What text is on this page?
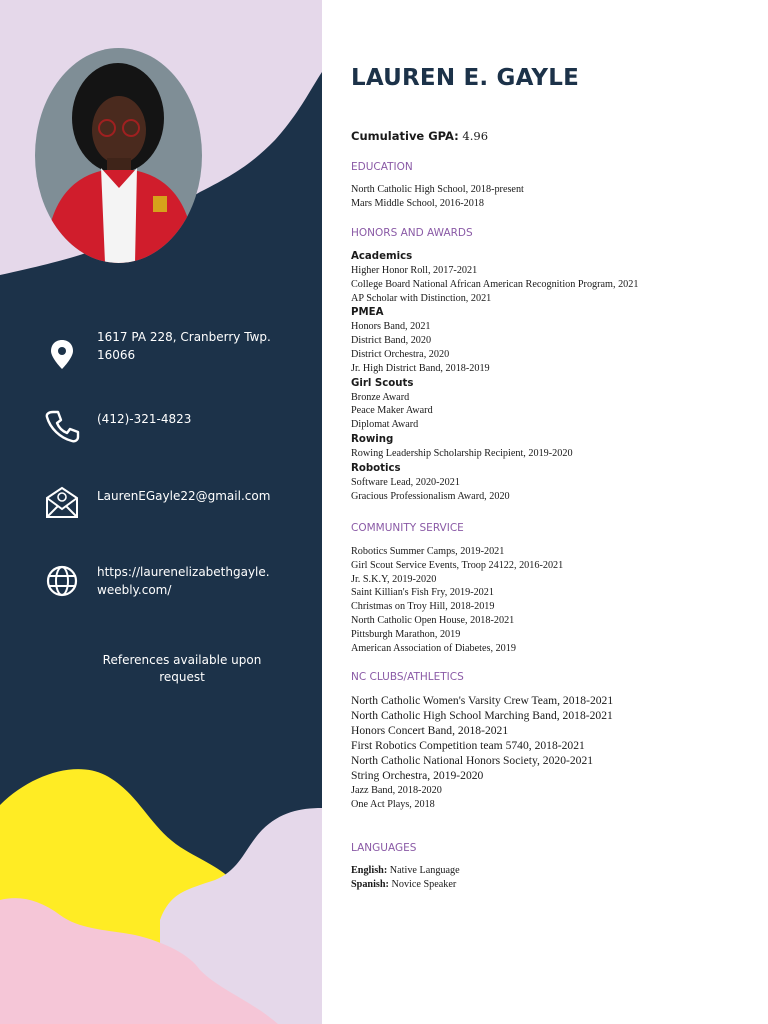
1617 PA 228, Cranberry Twp.
16066
(412)-321-4823
LaurenEGayle22@gmail.com
https://laurenelizabethgayle.
weebly.com/
References available upon
request
LAUREN E. GAYLE
Cumulative GPA: 4.96
EDUCATION
North Catholic High School, 2018-present
Mars Middle School, 2016-2018
HONORS AND AWARDS
Academics
Higher Honor Roll, 2017-2021
College Board National African American Recognition Program, 2021
AP Scholar with Distinction, 2021
PMEA
Honors Band, 2021
District Band, 2020
District Orchestra, 2020
Jr. High District Band, 2018-2019
Girl Scouts
Bronze Award
Peace Maker Award
Diplomat Award
Rowing
Rowing Leadership Scholarship Recipient, 2019-2020
Robotics
Software Lead, 2020-2021
Gracious Professionalism Award, 2020
COMMUNITY SERVICE
Robotics Summer Camps, 2019-2021
Girl Scout Service Events, Troop 24122, 2016-2021
Jr. S.K.Y, 2019-2020
Saint Killian's Fish Fry, 2019-2021
Christmas on Troy Hill, 2018-2019
North Catholic Open House, 2018-2021
Pittsburgh Marathon, 2019
American Association of Diabetes, 2019
NC CLUBS/ATHLETICS
North Catholic Women's Varsity Crew Team, 2018-2021
North Catholic High School Marching Band, 2018-2021
Honors Concert Band, 2018-2021
First Robotics Competition team 5740, 2018-2021
North Catholic National Honors Society, 2020-2021
String Orchestra, 2019-2020
Jazz Band, 2018-2020
One Act Plays, 2018
LANGUAGES
English: Native Language
Spanish: Novice Speaker
